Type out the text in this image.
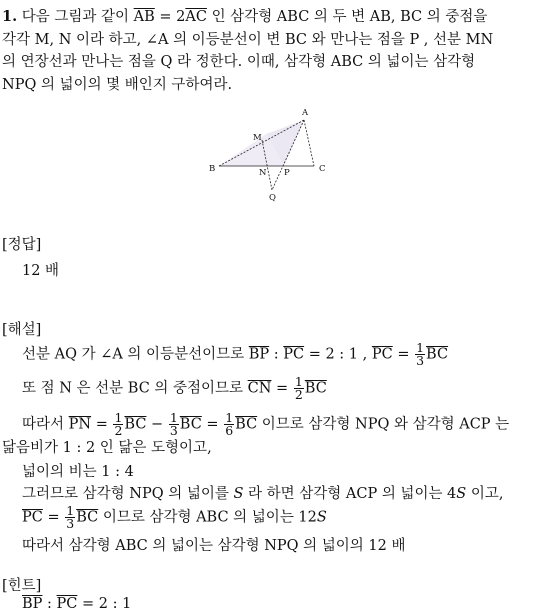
1. 다음 그림과 같이 $\overline{AB} = 2\overline{AC}$ 인 삼각형 ABC 의 두 변 AB, BC 의 중점을
각각 M, N 이라 하고, ∠A 의 이등분선이 변 BC 와 만나는 점을 P , 선분 MN
의 연장선과 만나는 점을 Q 라 정한다. 이때, 삼각형 ABC 의 넓이는 삼각형
NPQ 의 넓이의 몇 배인지 구하여라.
A
M
B	N P	C
Q
[정답]
12 배
[해설]
선분 AQ 가 ∠A 의 이등분선이므로 $\overline{BP}$ : $\overline{PC} = 2$ : 1 , $\overline{PC} = \frac{1}{3} \overline{BC}$
또 점 N 은 선분 BC 의 중점이므로 $\overline{CN} = \frac{1}{2} \overline{BC}$
따라서 $\overline{PN} = \frac{1}{2} \overline{BC} - \frac{1}{3} \overline{BC} = \frac{1}{6} \overline{BC}$ 이므로 삼각형 NPQ 와 삼각형 ACP 는
닮음비가 1 : 2 인 닮은 도형이고,
넓이의 비는 1 : 4
그러므로 삼각형 NPQ 의 넓이를 S 라 하면 삼각형 ACP 의 넓이는 4S 이고,
$\overline{PC} = \frac{1}{3} \overline{BC}$ 이므로 삼각형 ABC 의 넓이는 12S
따라서 삼각형 ABC 의 넓이는 삼각형 NPQ 의 넓이의 12 배
[힌트]
$\overline{BP}$ : $\overline{PC} = 2$ : 1
